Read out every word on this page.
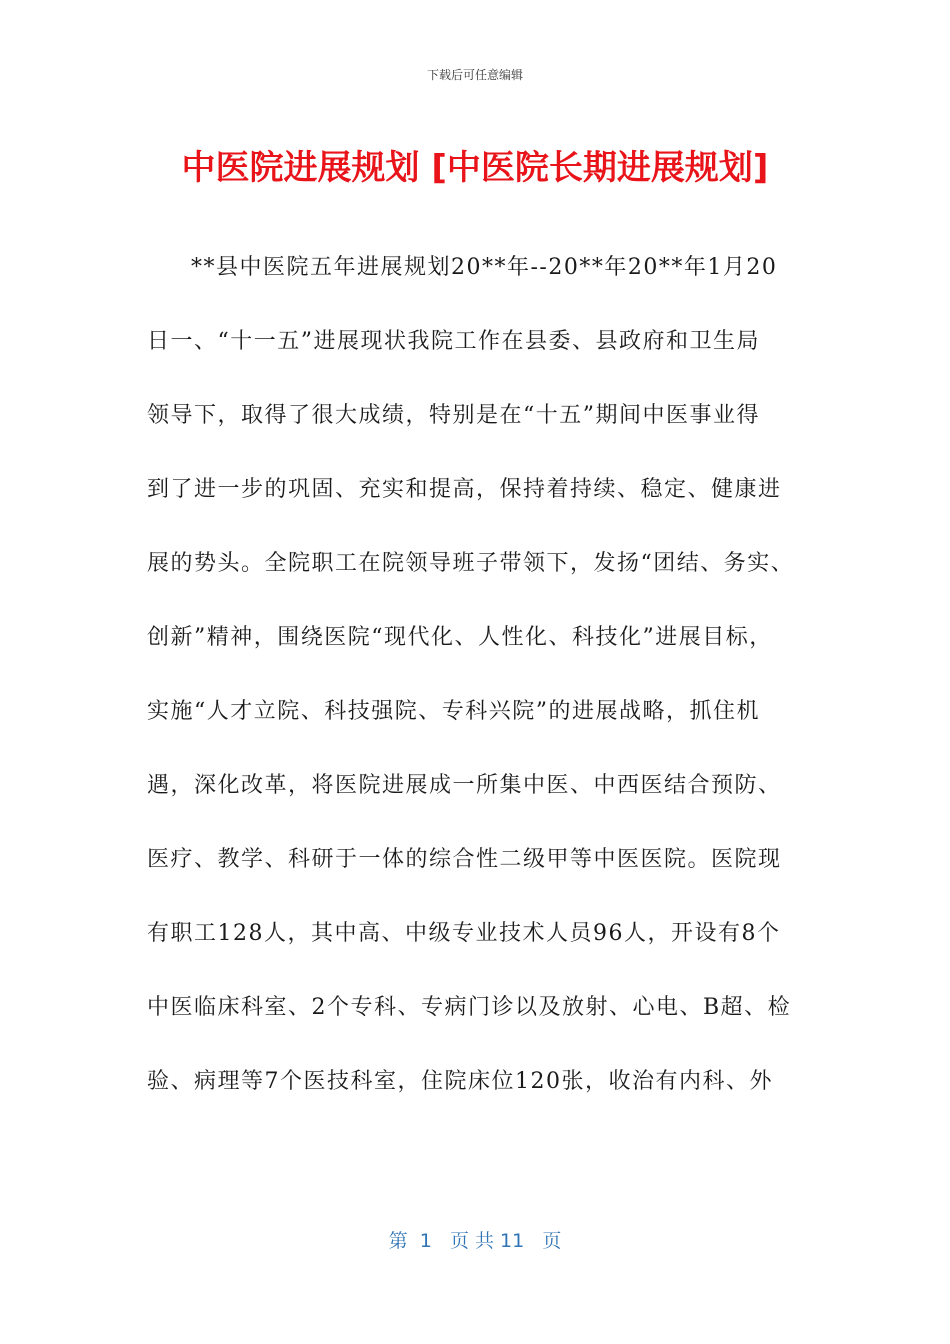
下载后可任意编辑
中医院进展规划 [中医院长期进展规划]
**县中医院五年进展规划20**年--20**年20**年1月20
日一、“十一五”进展现状我院工作在县委、县政府和卫生局
领导下，取得了很大成绩，特别是在“十五”期间中医事业得
到了进一步的巩固、充实和提高，保持着持续、稳定、健康进
展的势头。全院职工在院领导班子带领下，发扬“团结、务实、
创新”精神，围绕医院“现代化、人性化、科技化”进展目标，
实施“人才立院、科技强院、专科兴院”的进展战略，抓住机
遇，深化改革，将医院进展成一所集中医、中西医结合预防、
医疗、教学、科研于一体的综合性二级甲等中医医院。医院现
有职工128人，其中高、中级专业技术人员96人，开设有8个
中医临床科室、2个专科、专病门诊以及放射、心电、B超、检
验、病理等7个医技科室，住院床位120张，收治有内科、外
第  1   页 共 11   页
